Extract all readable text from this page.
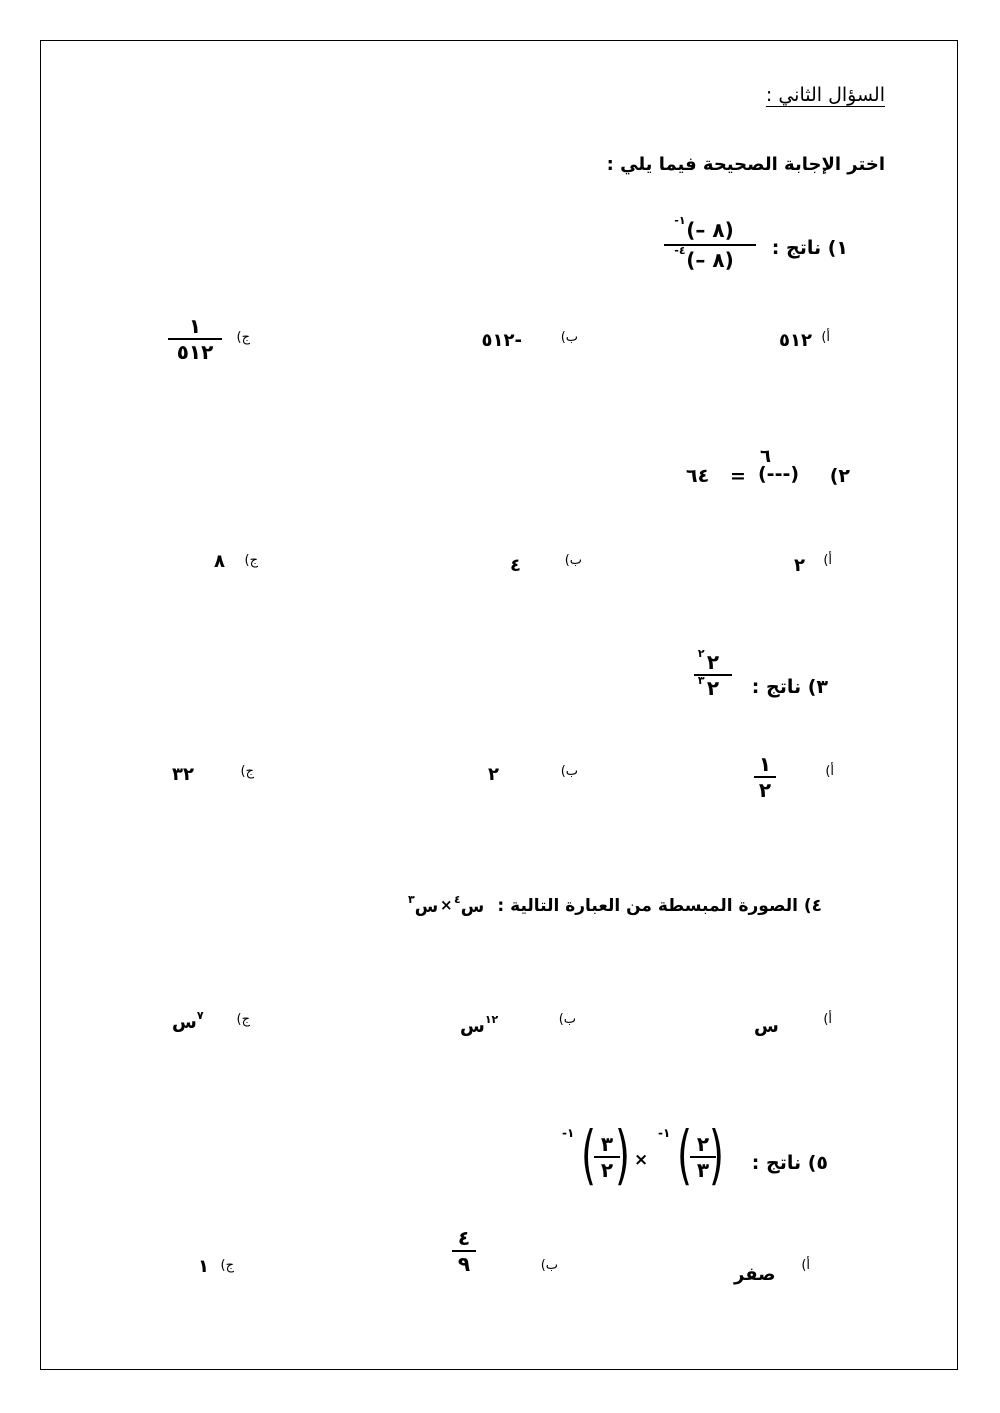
السؤال الثاني :
اختر الإجابة الصحيحة فيما يلي :
١) ناتج :
-١ (– ٨)
-٤ (– ٨)
أ)
٥١٢
ب)
-٥١٢
ج)
١
٥١٢
٢)
(---)
٦
=
٦٤
أ)
٢
ب)
٤
ج)
٨
٣) ناتج :
٢ ٢
٣ ٢
أ)
١
٢
ب)
٢
ج)
٣٢
٤) الصورة المبسطة من العبارة التالية :
س$^٤$
×
س$^٣$
أ)
س
ب)
$^{١٢}$س
ج)
$^٧$س
٥) ناتج :
)
( ٢
٣
-١
×
)
( ٣
٢
-١
أ)
صفر
ب)
٤
٩
ج)
١
